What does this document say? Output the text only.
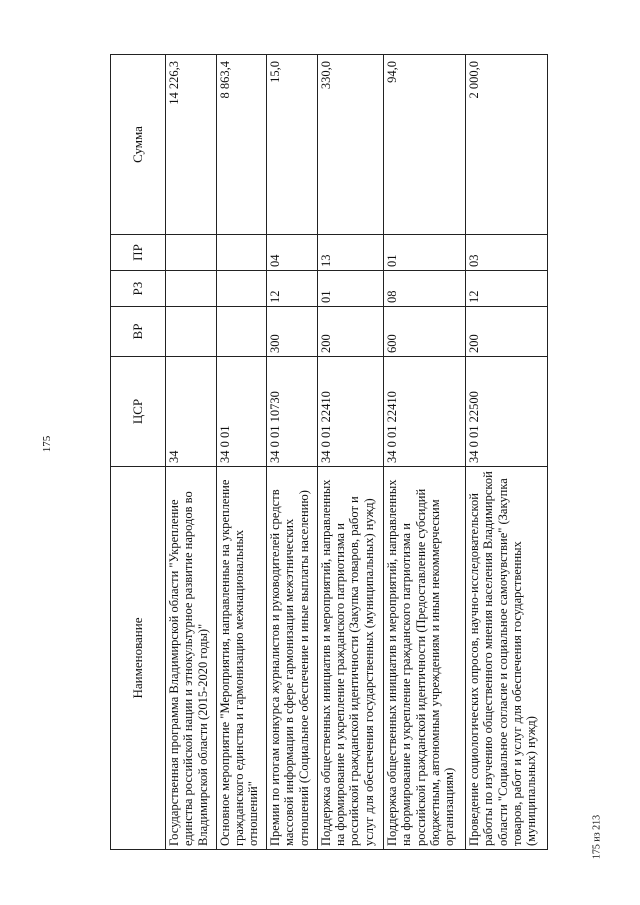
175
Наименование	ЦСР	ВР	РЗ	ПР	Сумма
Государственная программа Владимирской области "Укрепление единства российской нации и этнокультурное развитие народов во Владимирской области (2015-2020 годы)"	34				14 226,3
Основное мероприятие "Мероприятия, направленные на укрепление гражданского единства и гармонизацию межнациональных отношений"	34 0 01				8 863,4
Премии по итогам конкурса журналистов и руководителей средств массовой информации в сфере гармонизации межэтнических отношений (Социальное обеспечение и иные выплаты населению)	34 0 01 10730	300	12	04	15,0
Поддержка общественных инициатив и мероприятий, направленных на формирование и укрепление гражданского патриотизма и российской гражданской идентичности (Закупка товаров, работ и услуг для обеспечения государственных (муниципальных) нужд)	34 0 01 22410	200	01	13	330,0
Поддержка общественных инициатив и мероприятий, направленных на формирование и укрепление гражданского патриотизма и российской гражданской идентичности (Предоставление субсидий бюджетным, автономным учреждениям и иным некоммерческим организациям)	34 0 01 22410	600	08	01	94,0
Проведение социологических опросов, научно-исследовательской работы по изучению общественного мнения населения Владимирской области "Социальное согласие и социальное самочувствие" (Закупка товаров, работ и услуг для обеспечения государственных (муниципальных) нужд)	34 0 01 22500	200	12	03	2 000,0
175 из 213
